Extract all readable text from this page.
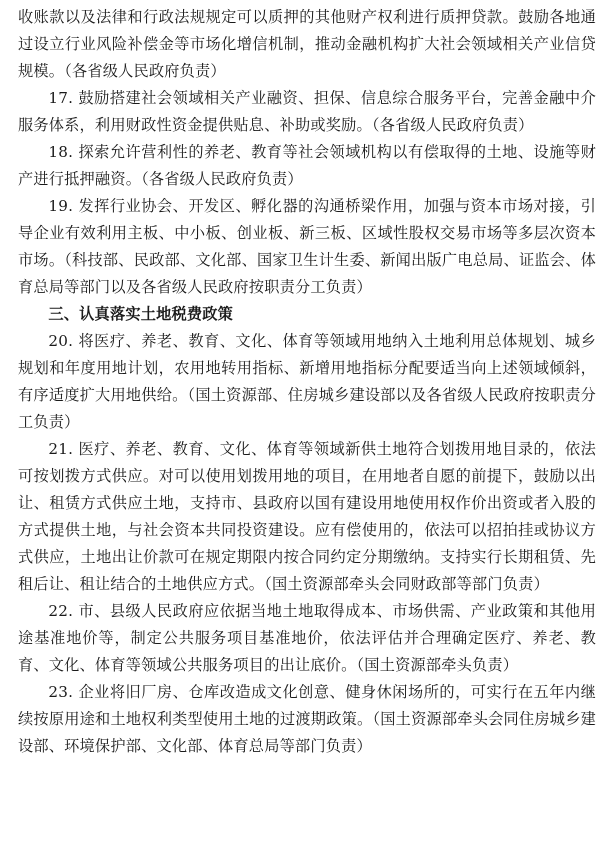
收账款以及法律和行政法规规定可以质押的其他财产权利进行质押贷款。鼓励各地通过设立行业风险补偿金等市场化增信机制，推动金融机构扩大社会领域相关产业信贷规模。（各省级人民政府负责）

17. 鼓励搭建社会领域相关产业融资、担保、信息综合服务平台，完善金融中介服务体系，利用财政性资金提供贴息、补助或奖励。（各省级人民政府负责）

18. 探索允许营利性的养老、教育等社会领域机构以有偿取得的土地、设施等财产进行抵押融资。（各省级人民政府负责）

19. 发挥行业协会、开发区、孵化器的沟通桥梁作用，加强与资本市场对接，引导企业有效利用主板、中小板、创业板、新三板、区域性股权交易市场等多层次资本市场。（科技部、民政部、文化部、国家卫生计生委、新闻出版广电总局、证监会、体育总局等部门以及各省级人民政府按职责分工负责）

三、认真落实土地税费政策

20. 将医疗、养老、教育、文化、体育等领域用地纳入土地利用总体规划、城乡规划和年度用地计划，农用地转用指标、新增用地指标分配要适当向上述领域倾斜，有序适度扩大用地供给。（国土资源部、住房城乡建设部以及各省级人民政府按职责分工负责）

21. 医疗、养老、教育、文化、体育等领域新供土地符合划拨用地目录的，依法可按划拨方式供应。对可以使用划拨用地的项目，在用地者自愿的前提下，鼓励以出让、租赁方式供应土地，支持市、县政府以国有建设用地使用权作价出资或者入股的方式提供土地，与社会资本共同投资建设。应有偿使用的，依法可以招拍挂或协议方式供应，土地出让价款可在规定期限内按合同约定分期缴纳。支持实行长期租赁、先租后让、租让结合的土地供应方式。（国土资源部牵头会同财政部等部门负责）

22. 市、县级人民政府应依据当地土地取得成本、市场供需、产业政策和其他用途基准地价等，制定公共服务项目基准地价，依法评估并合理确定医疗、养老、教育、文化、体育等领域公共服务项目的出让底价。（国土资源部牵头负责）

23. 企业将旧厂房、仓库改造成文化创意、健身休闲场所的，可实行在五年内继续按原用途和土地权利类型使用土地的过渡期政策。（国土资源部牵头会同住房城乡建设部、环境保护部、文化部、体育总局等部门负责）
